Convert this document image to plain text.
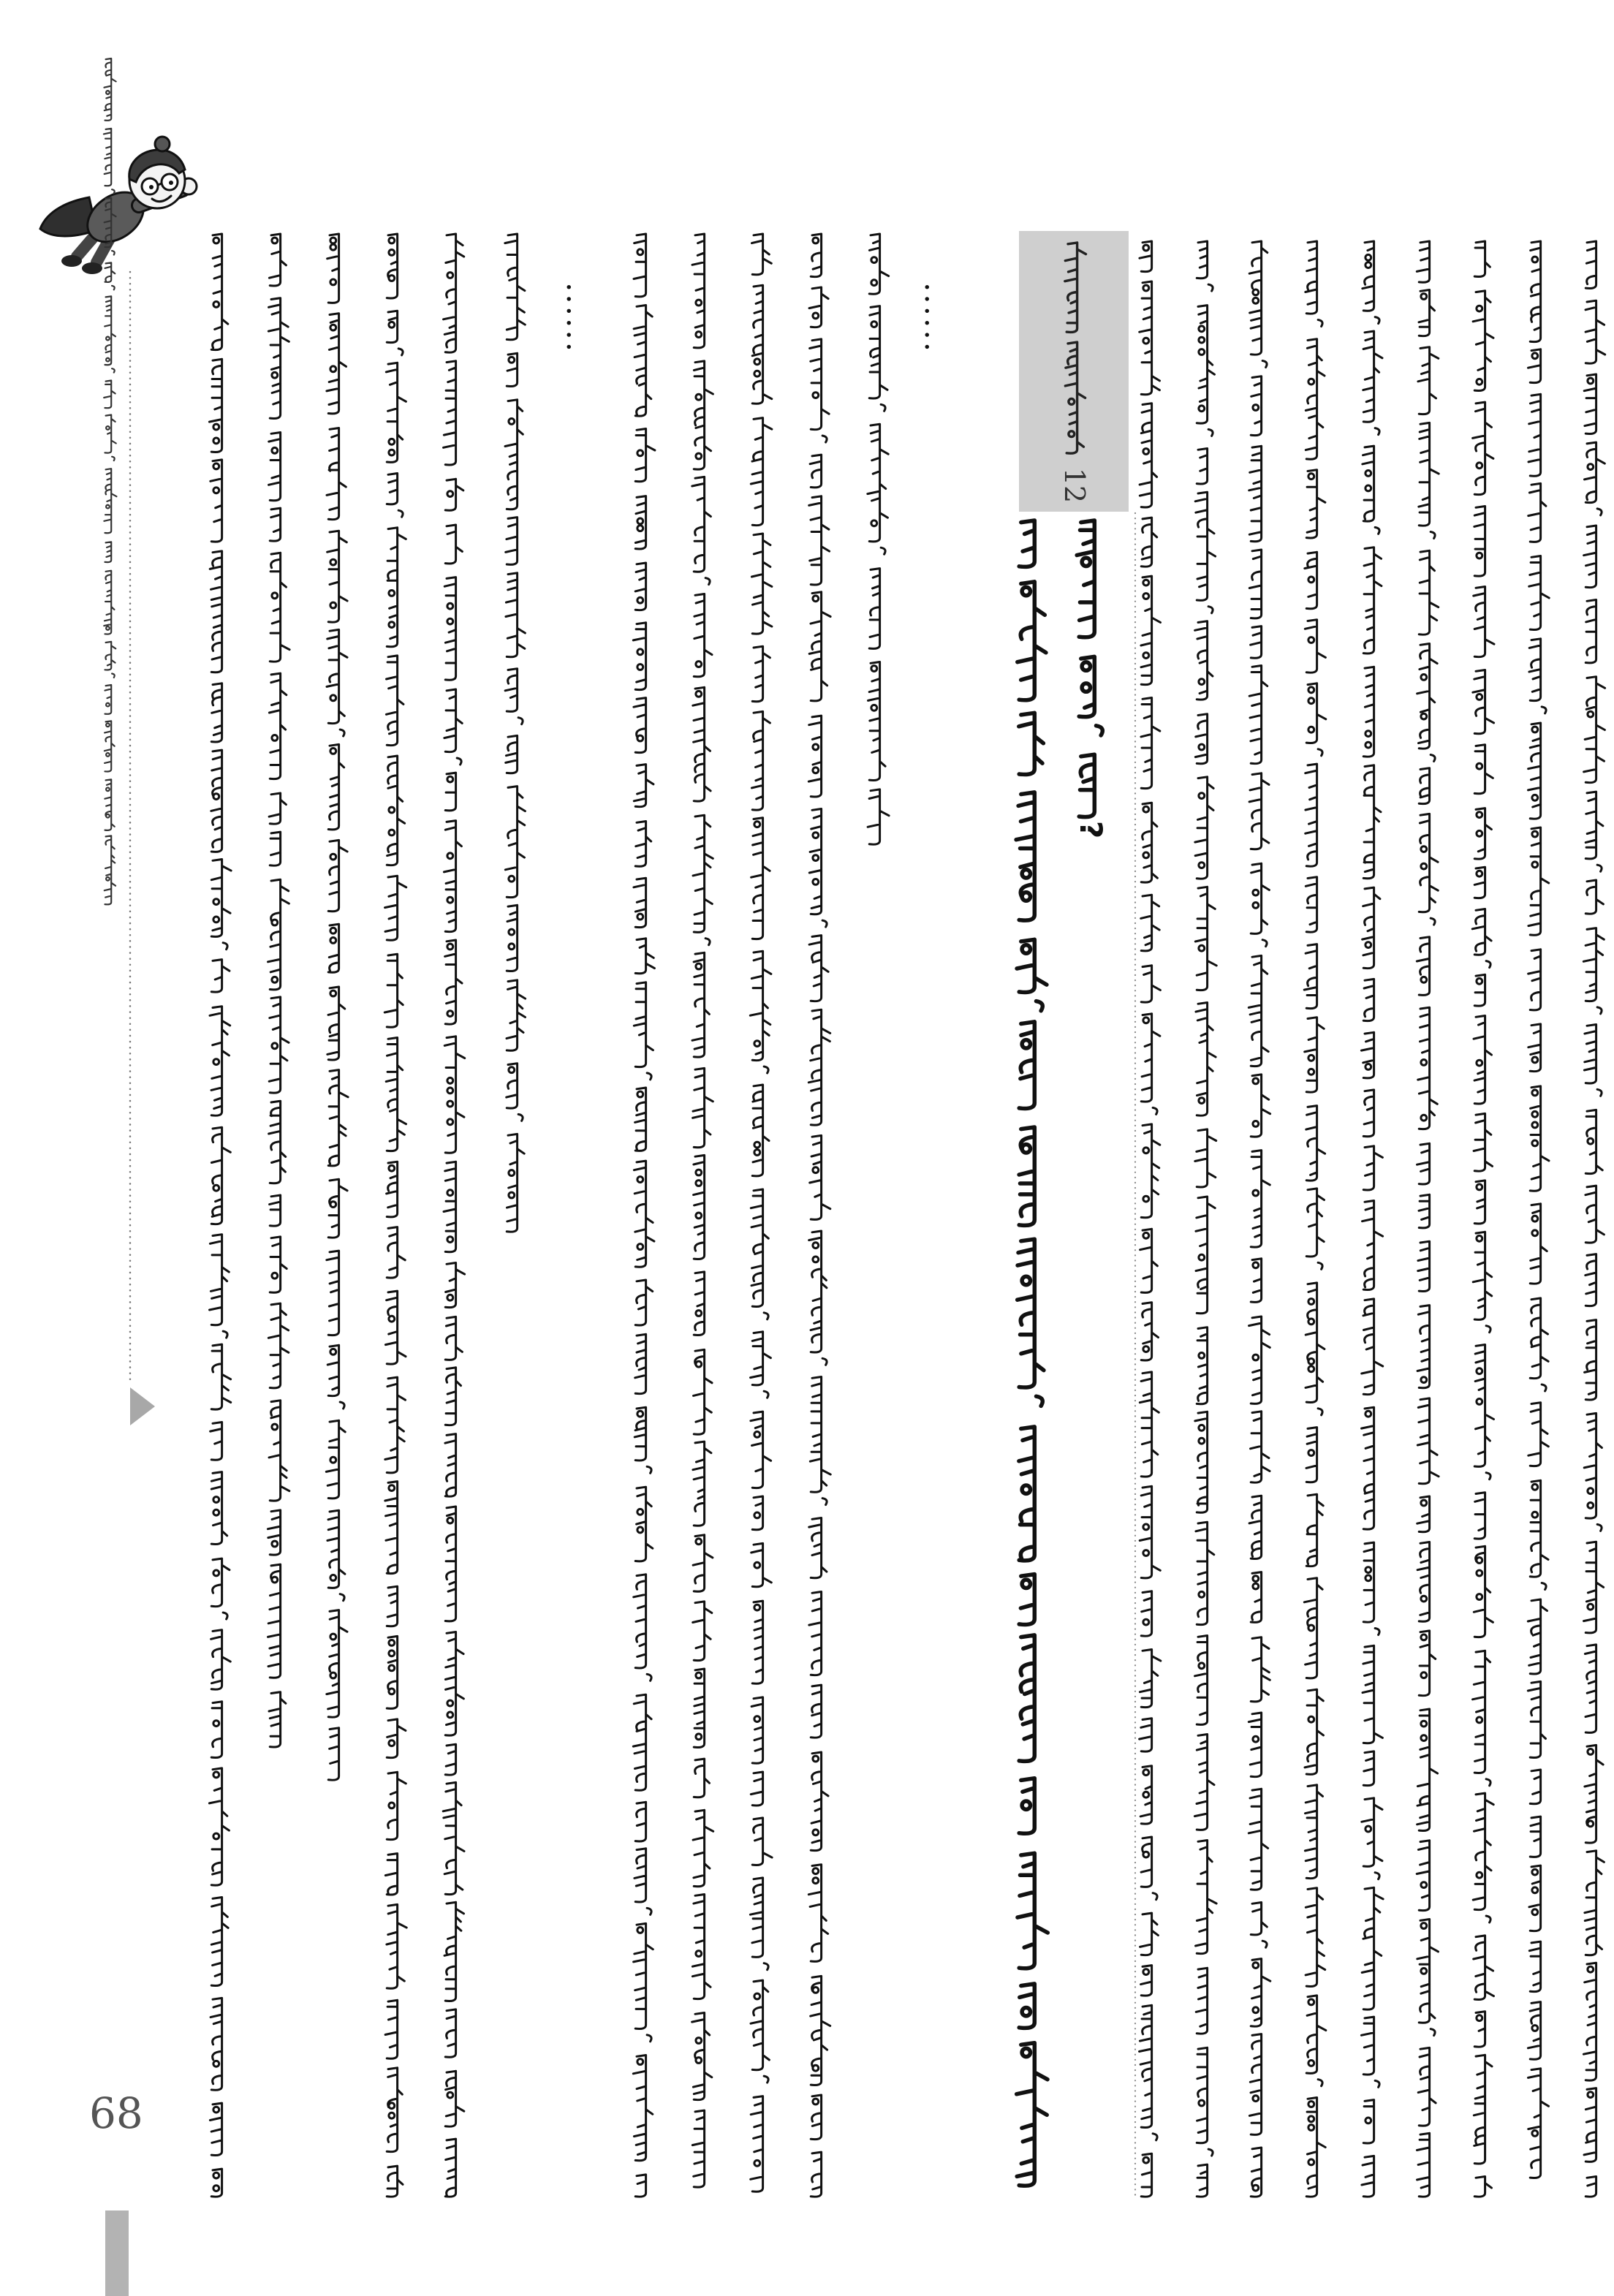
12
......
......
?
68
